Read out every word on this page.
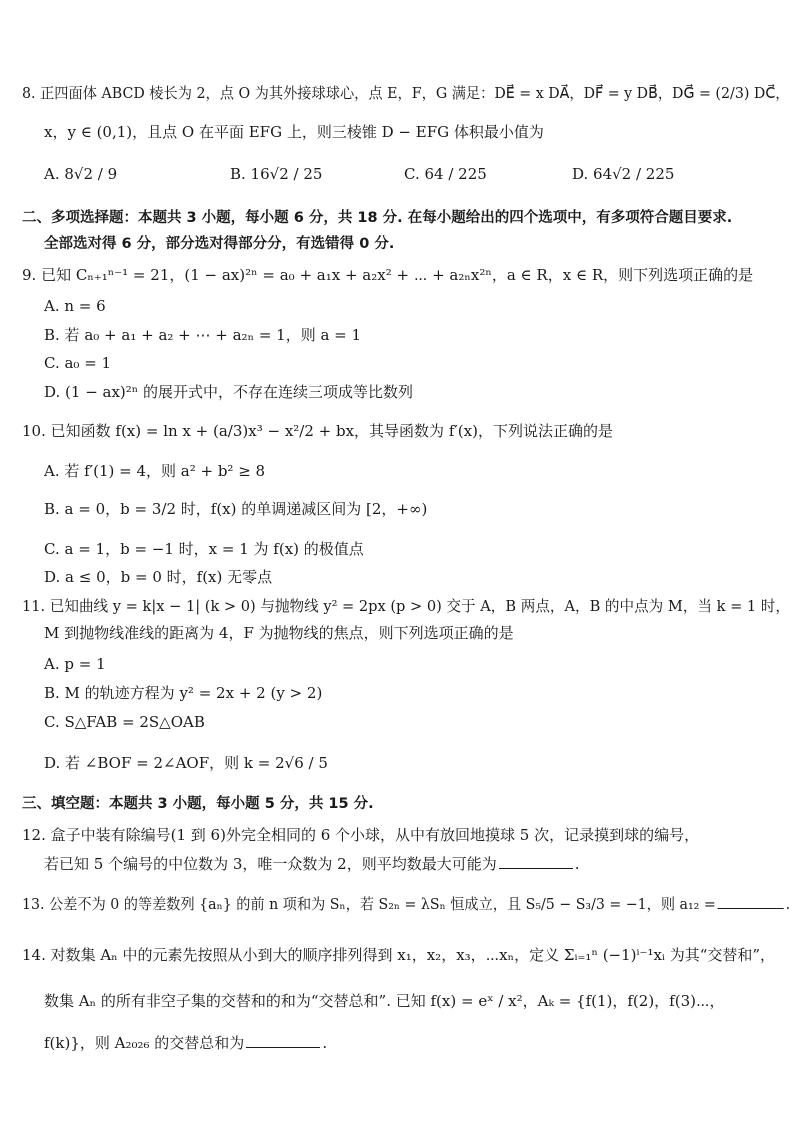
8. 正四面体 ABCD 棱长为 2，点 O 为其外接球球心，点 E，F，G 满足：DE⃗ = x DA⃗，DF⃗ = y DB⃗，DG⃗ = (2/3) DC⃗，
x，y ∈ (0,1)，且点 O 在平面 EFG 上，则三棱锥 D − EFG 体积最小值为
A. 8√2 / 9	B. 16√2 / 25	C. 64 / 225	D. 64√2 / 225
二、多项选择题：本题共 3 小题，每小题 6 分，共 18 分. 在每小题给出的四个选项中，有多项符合题目要求.
全部选对得 6 分，部分选对得部分分，有选错得 0 分.
9. 已知 Cₙ₊₁ⁿ⁻¹ = 21，(1 − ax)²ⁿ = a₀ + a₁x + a₂x² + ⋯ + a₂ₙx²ⁿ，a ∈ R，x ∈ R，则下列选项正确的是
A. n = 6
B. 若 a₀ + a₁ + a₂ + ⋯ + a₂ₙ = 1，则 a = 1
C. a₀ = 1
D. (1 − ax)²ⁿ 的展开式中，不存在连续三项成等比数列
10. 已知函数 f(x) = ln x + (a/3)x³ − x²/2 + bx，其导函数为 f′(x)，下列说法正确的是
A. 若 f′(1) = 4，则 a² + b² ≥ 8
B. a = 0，b = 3/2 时，f(x) 的单调递减区间为 [2，+∞)
C. a = 1，b = −1 时，x = 1 为 f(x) 的极值点
D. a ≤ 0，b = 0 时，f(x) 无零点
11. 已知曲线 y = k|x − 1| (k > 0) 与抛物线 y² = 2px (p > 0) 交于 A，B 两点，A，B 的中点为 M，当 k = 1 时，
M 到抛物线准线的距离为 4，F 为抛物线的焦点，则下列选项正确的是
A. p = 1
B. M 的轨迹方程为 y² = 2x + 2 (y > 2)
C. S△FAB = 2S△OAB
D. 若 ∠BOF = 2∠AOF，则 k = 2√6 / 5
三、填空题：本题共 3 小题，每小题 5 分，共 15 分.
12. 盒子中装有除编号(1 到 6)外完全相同的 6 个小球，从中有放回地摸球 5 次，记录摸到球的编号，
若已知 5 个编号的中位数为 3，唯一众数为 2，则平均数最大可能为	.
13. 公差不为 0 的等差数列 {aₙ} 的前 n 项和为 Sₙ，若 S₂ₙ = λSₙ 恒成立，且 S₅/5 − S₃/3 = −1，则 a₁₂ =	.
14. 对数集 Aₙ 中的元素先按照从小到大的顺序排列得到 x₁，x₂，x₃，⋯xₙ，定义 Σᵢ₌₁ⁿ (−1)ⁱ⁻¹xᵢ 为其“交替和”，
数集 Aₙ 的所有非空子集的交替和的和为“交替总和”. 已知 f(x) = eˣ / x²，Aₖ = {f(1)，f(2)，f(3)⋯，
f(k)}，则 A₂₀₂₆ 的交替总和为	.
